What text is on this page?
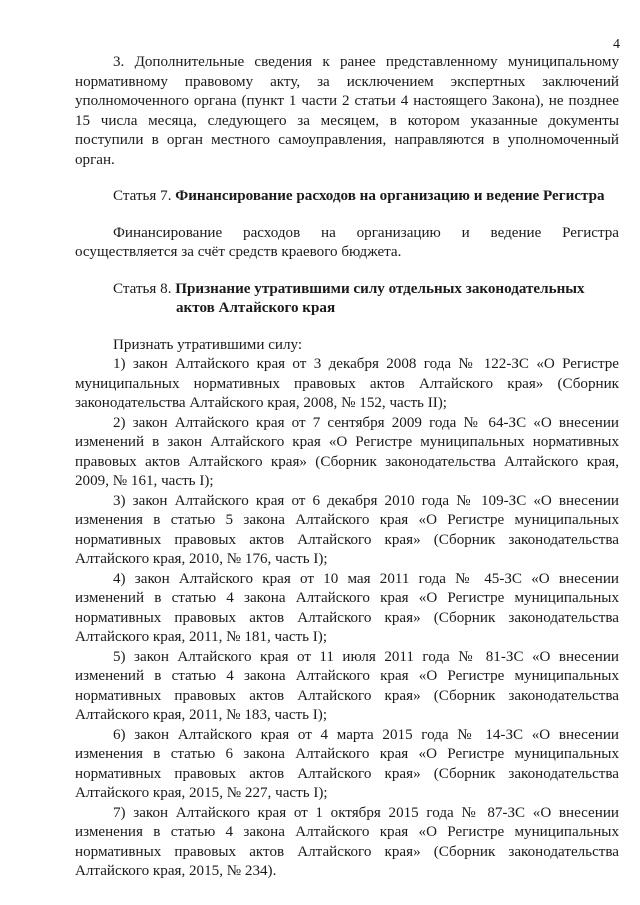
4

3. Дополнительные сведения к ранее представленному муниципальному нормативному правовому акту, за исключением экспертных заключений уполномоченного органа (пункт 1 части 2 статьи 4 настоящего Закона), не позднее 15 числа месяца, следующего за месяцем, в котором указанные документы поступили в орган местного самоуправления, направляются в уполномоченный орган.

Статья 7. Финансирование расходов на организацию и ведение Регистра

Финансирование расходов на организацию и ведение Регистра осуществляется за счёт средств краевого бюджета.

Статья 8. Признание утратившими силу отдельных законодательных

актов Алтайского края

Признать утратившими силу:

1) закон Алтайского края от 3 декабря 2008 года № 122-ЗС «О Регистре муниципальных нормативных правовых актов Алтайского края» (Сборник законодательства Алтайского края, 2008, № 152, часть II);

2) закон Алтайского края от 7 сентября 2009 года № 64-ЗС «О внесении изменений в закон Алтайского края «О Регистре муниципальных нормативных правовых актов Алтайского края» (Сборник законодательства Алтайского края, 2009, № 161, часть I);

3) закон Алтайского края от 6 декабря 2010 года № 109-ЗС «О внесении изменения в статью 5 закона Алтайского края «О Регистре муниципальных нормативных правовых актов Алтайского края» (Сборник законодательства Алтайского края, 2010, № 176, часть I);

4) закон Алтайского края от 10 мая 2011 года № 45-ЗС «О внесении изменений в статью 4 закона Алтайского края «О Регистре муниципальных нормативных правовых актов Алтайского края» (Сборник законодательства Алтайского края, 2011, № 181, часть I);

5) закон Алтайского края от 11 июля 2011 года № 81-ЗС «О внесении изменений в статью 4 закона Алтайского края «О Регистре муниципальных нормативных правовых актов Алтайского края» (Сборник законодательства Алтайского края, 2011, № 183, часть I);

6) закон Алтайского края от 4 марта 2015 года № 14-ЗС «О внесении изменения в статью 6 закона Алтайского края «О Регистре муниципальных нормативных правовых актов Алтайского края» (Сборник законодательства Алтайского края, 2015, № 227, часть I);

7) закон Алтайского края от 1 октября 2015 года № 87-ЗС «О внесении изменения в статью 4 закона Алтайского края «О Регистре муниципальных нормативных правовых актов Алтайского края» (Сборник законодательства Алтайского края, 2015, № 234).
